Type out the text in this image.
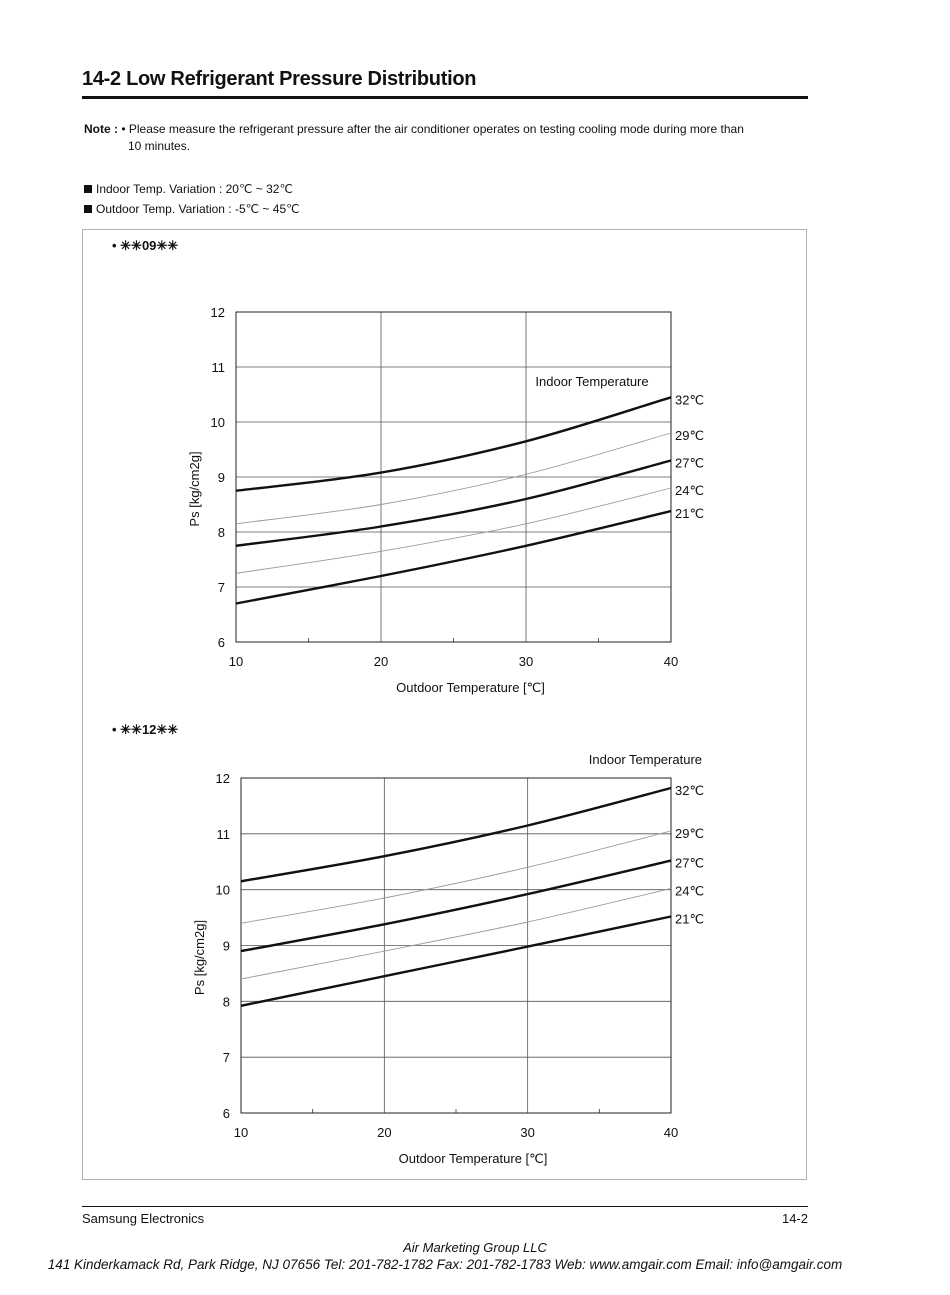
14-2 Low Refrigerant Pressure Distribution
Note : • Please measure the refrigerant pressure after the air conditioner operates on testing cooling mode during more than
10 minutes.
Indoor Temp. Variation : 20℃ ~ 32℃
Outdoor Temp. Variation : -5℃ ~ 45℃
• ✳✳09✳✳
• ✳✳12✳✳
6
7
8
9
10
11
12
10	20	30	40
Outdoor Temperature [℃]
Ps [kg/cm2g]
Indoor Temperature
32℃
29℃
27℃
24℃
21℃
6
7
8
9
10
11
12
10	20	30	40
Outdoor Temperature [℃]
Ps [kg/cm2g]
Indoor Temperature
32℃
29℃
27℃
24℃
21℃
Samsung Electronics	14-2
Air Marketing Group LLC
141 Kinderkamack Rd, Park Ridge, NJ 07656 Tel: 201-782-1782 Fax: 201-782-1783 Web: www.amgair.com Email: info@amgair.com
